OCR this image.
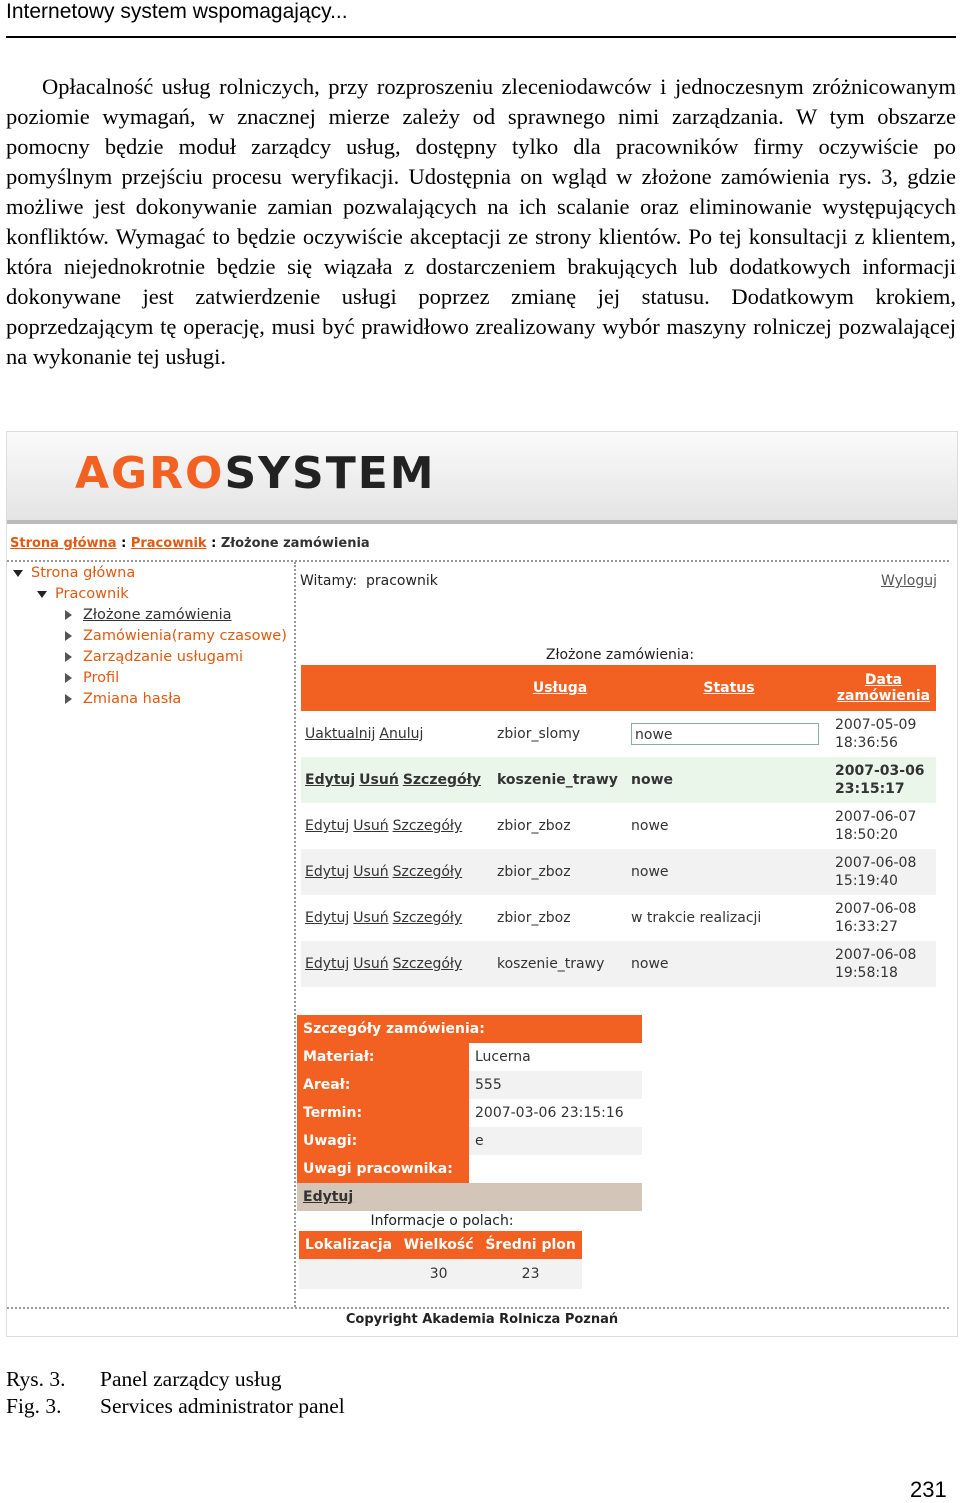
Internetowy system wspomagający...

Opłacalność usług rolniczych, przy rozproszeniu zleceniodawców i jednoczesnym zróżnicowanym poziomie wymagań, w znacznej mierze zależy od sprawnego nimi zarządzania. W tym obszarze pomocny będzie moduł zarządcy usług, dostępny tylko dla pracowników firmy oczywiście po pomyślnym przejściu procesu weryfikacji. Udostępnia on wgląd w złożone zamówienia rys. 3, gdzie możliwe jest dokonywanie zamian pozwalających na ich scalanie oraz eliminowanie występujących konfliktów. Wymagać to będzie oczywiście akceptacji ze strony klientów. Po tej konsultacji z klientem, która niejednokrotnie będzie się wiązała z dostarczeniem brakujących lub dodatkowych informacji dokonywane jest zatwierdzenie usługi poprzez zmianę jej statusu. Dodatkowym krokiem, poprzedzającym tę operację, musi być prawidłowo zrealizowany wybór maszyny rolniczej pozwalającej na wykonanie tej usługi.

AGROSYSTEM
Strona główna : Pracownik : Złożone zamówienia
Strona główna
Pracownik
Złożone zamówienia
Zamówienia(ramy czasowe)
Zarządzanie usługami
Profil
Zmiana hasła
Witamy:  pracownik	Wyloguj
Złożone zamówienia:
	Usługa	Status	Data
zamówienia
Uaktualnij Anuluj	zbior_slomy	nowe	2007-05-09
18:36:56
Edytuj Usuń Szczegóły	koszenie_trawy	nowe	2007-03-06
23:15:17
Edytuj Usuń Szczegóły	zbior_zboz	nowe	2007-06-07
18:50:20
Edytuj Usuń Szczegóły	zbior_zboz	nowe	2007-06-08
15:19:40
Edytuj Usuń Szczegóły	zbior_zboz	w trakcie realizacji	2007-06-08
16:33:27
Edytuj Usuń Szczegóły	koszenie_trawy	nowe	2007-06-08
19:58:18
Szczegóły zamówienia:	
Materiał:	Lucerna
Areał:	555
Termin:	2007-03-06 23:15:16
Uwagi:	e
Uwagi pracownika:	
Edytuj	
Informacje o polach:
Lokalizacja	Wielkość	Średni plon
	30	23
Copyright Akademia Rolnicza Poznań
Rys. 3. Panel zarządcy usług
Fig. 3. Services administrator panel
231
